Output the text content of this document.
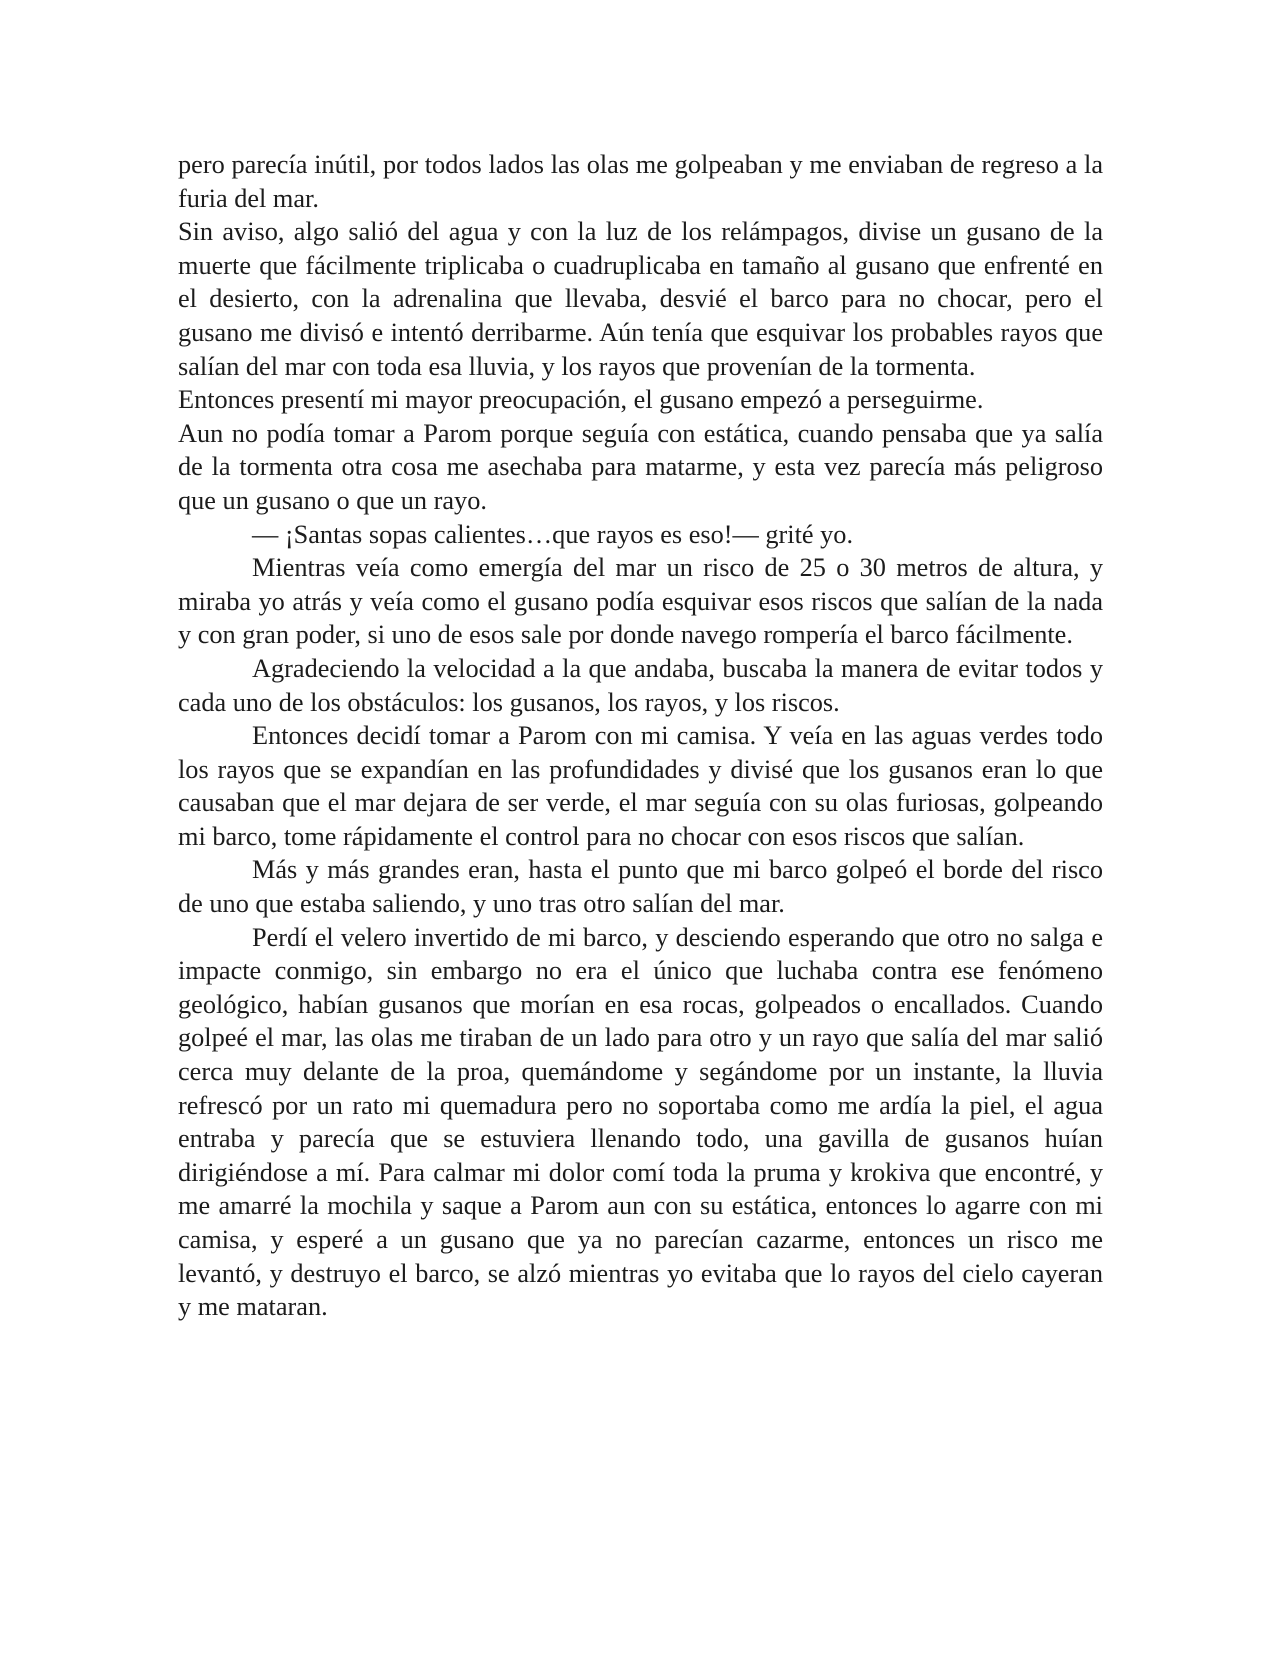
pero parecía inútil, por todos lados las olas me golpeaban y me enviaban de regreso a la furia del mar.

Sin aviso, algo salió del agua y con la luz de los relámpagos, divise un gusano de la muerte que fácilmente triplicaba o cuadruplicaba en tamaño al gusano que enfrenté en el desierto, con la adrenalina que llevaba, desvié el barco para no chocar, pero el gusano me divisó e intentó derribarme. Aún tenía que esquivar los probables rayos que salían del mar con toda esa lluvia, y los rayos que provenían de la tormenta.

Entonces presentí mi mayor preocupación, el gusano empezó a perseguirme.

Aun no podía tomar a Parom porque seguía con estática, cuando pensaba que ya salía de la tormenta otra cosa me asechaba para matarme, y esta vez parecía más peligroso que un gusano o que un rayo.

— ¡Santas sopas calientes…que rayos es eso!— grité yo.

Mientras veía como emergía del mar un risco de 25 o 30 metros de altura, y miraba yo atrás y veía como el gusano podía esquivar esos riscos que salían de la nada y con gran poder, si uno de esos sale por donde navego rompería el barco fácilmente.

Agradeciendo la velocidad a la que andaba, buscaba la manera de evitar todos y cada uno de los obstáculos: los gusanos, los rayos, y los riscos.

Entonces decidí tomar a Parom con mi camisa. Y veía en las aguas verdes todo los rayos que se expandían en las profundidades y divisé que los gusanos eran lo que causaban que el mar dejara de ser verde, el mar seguía con su olas furiosas, golpeando mi barco, tome rápidamente el control para no chocar con esos riscos que salían.

Más y más grandes eran, hasta el punto que mi barco golpeó el borde del risco de uno que estaba saliendo, y uno tras otro salían del mar.

Perdí el velero invertido de mi barco, y desciendo esperando que otro no salga e impacte conmigo, sin embargo no era el único que luchaba contra ese fenómeno geológico, habían gusanos que morían en esa rocas, golpeados o encallados. Cuando golpeé el mar, las olas me tiraban de un lado para otro y un rayo que salía del mar salió cerca muy delante de la proa, quemándome y segándome por un instante, la lluvia refrescó por un rato mi quemadura pero no soportaba como me ardía la piel, el agua entraba y parecía que se estuviera llenando todo, una gavilla de gusanos huían dirigiéndose a mí. Para calmar mi dolor comí toda la pruma y krokiva que encontré, y me amarré la mochila y saque a Parom aun con su estática, entonces lo agarre con mi camisa, y esperé a un gusano que ya no parecían cazarme, entonces un risco me levantó, y destruyo el barco, se alzó mientras yo evitaba que lo rayos del cielo cayeran y me mataran.
